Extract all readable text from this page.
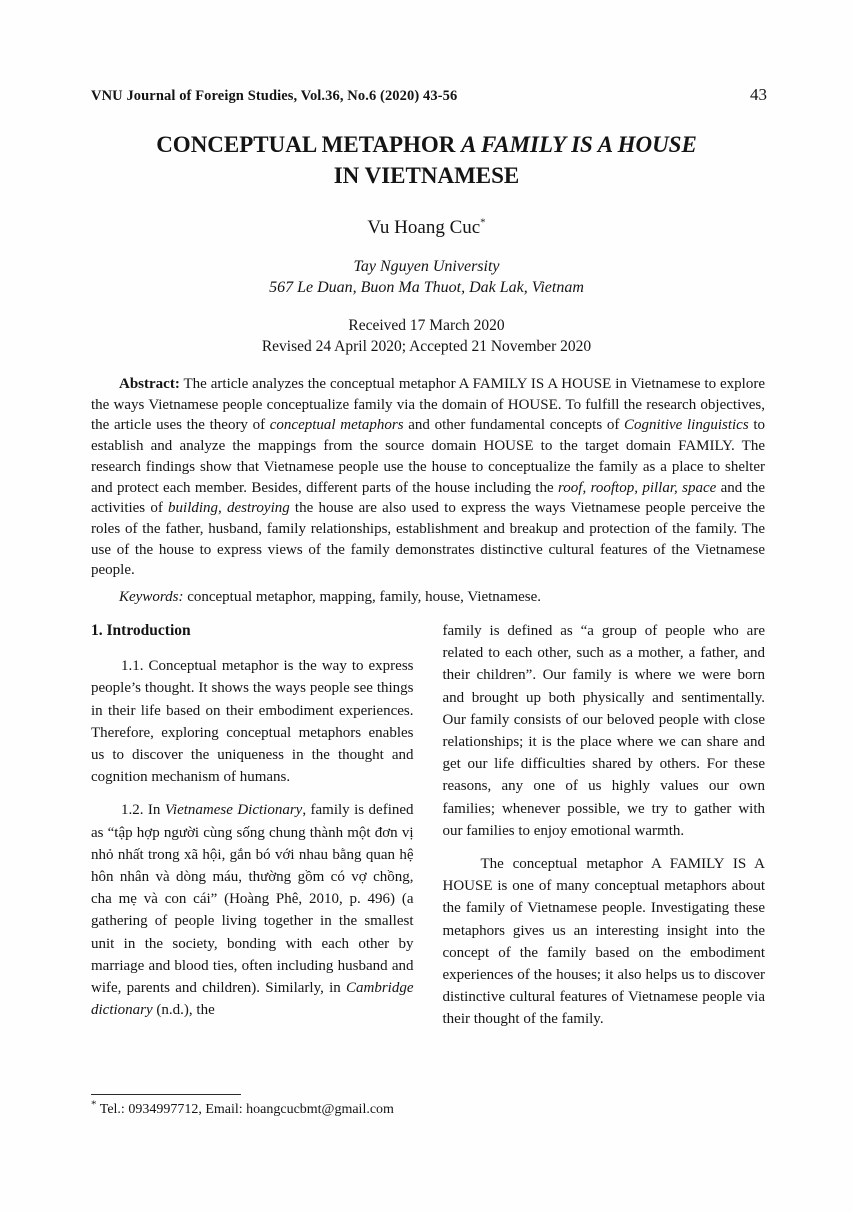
VNU Journal of Foreign Studies, Vol.36, No.6 (2020) 43-56	43
CONCEPTUAL METAPHOR A FAMILY IS A HOUSE
IN VIETNAMESE
Vu Hoang Cuc*
Tay Nguyen University
567 Le Duan, Buon Ma Thuot, Dak Lak, Vietnam
Received 17 March 2020
Revised 24 April 2020; Accepted 21 November 2020

Abstract: The article analyzes the conceptual metaphor A FAMILY IS A HOUSE in Vietnamese to explore the ways Vietnamese people conceptualize family via the domain of HOUSE. To fulfill the research objectives, the article uses the theory of conceptual metaphors and other fundamental concepts of Cognitive linguistics to establish and analyze the mappings from the source domain HOUSE to the target domain FAMILY. The research findings show that Vietnamese people use the house to conceptualize the family as a place to shelter and protect each member. Besides, different parts of the house including the roof, rooftop, pillar, space and the activities of building, destroying the house are also used to express the ways Vietnamese people perceive the roles of the father, husband, family relationships, establishment and breakup and protection of the family. The use of the house to express views of the family demonstrates distinctive cultural features of the Vietnamese people.

Keywords: conceptual metaphor, mapping, family, house, Vietnamese.

1. Introduction

1.1. Conceptual metaphor is the way to express people’s thought. It shows the ways people see things in their life based on their embodiment experiences. Therefore, exploring conceptual metaphors enables us to discover the uniqueness in the thought and cognition mechanism of humans.

1.2. In Vietnamese Dictionary, family is defined as “tập hợp người cùng sống chung thành một đơn vị nhỏ nhất trong xã hội, gắn bó với nhau bằng quan hệ hôn nhân và dòng máu, thường gồm có vợ chồng, cha mẹ và con cái” (Hoàng Phê, 2010, p. 496) (a gathering of people living together in the smallest unit in the society, bonding with each other by marriage and blood ties, often including husband and wife, parents and children). Similarly, in Cambridge dictionary (n.d.), the

family is defined as “a group of people who are related to each other, such as a mother, a father, and their children”. Our family is where we were born and brought up both physically and sentimentally. Our family consists of our beloved people with close relationships; it is the place where we can share and get our life difficulties shared by others. For these reasons, any one of us highly values our own families; whenever possible, we try to gather with our families to enjoy emotional warmth.

The conceptual metaphor A FAMILY IS A HOUSE is one of many conceptual metaphors about the family of Vietnamese people. Investigating these metaphors gives us an interesting insight into the concept of the family based on the embodiment experiences of the houses; it also helps us to discover distinctive cultural features of Vietnamese people via their thought of the family.

* Tel.: 0934997712, Email: hoangcucbmt@gmail.com
